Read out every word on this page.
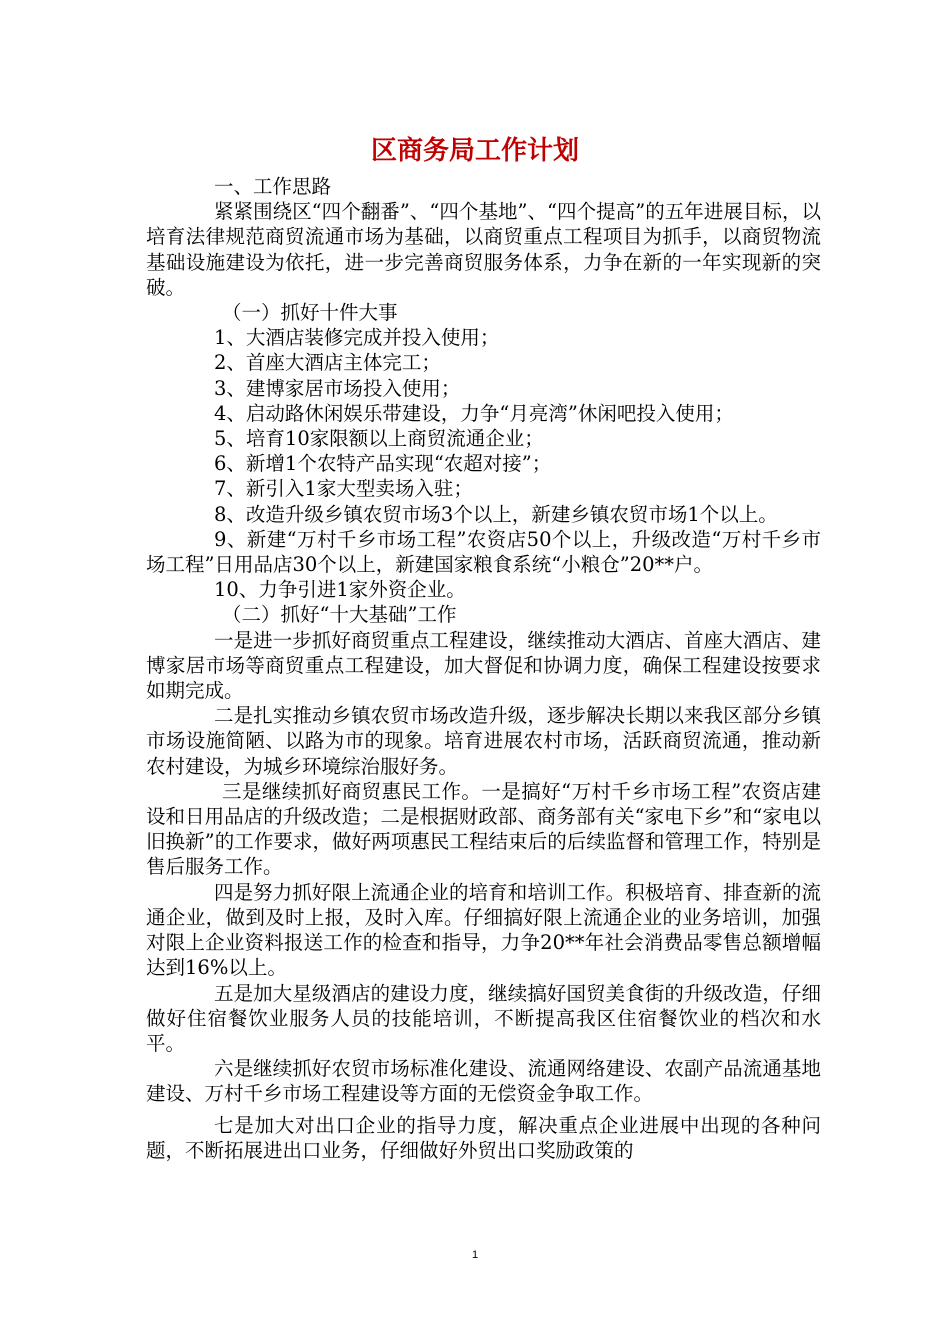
区商务局工作计划

一、工作思路

紧紧围绕区“四个翻番”、“四个基地”、“四个提高”的五年进展目标，以培育法律规范商贸流通市场为基础，以商贸重点工程项目为抓手，以商贸物流基础设施建设为依托，进一步完善商贸服务体系，力争在新的一年实现新的突破。

（一）抓好十件大事

1、大酒店装修完成并投入使用；

2、首座大酒店主体完工；

3、建博家居市场投入使用；

4、启动路休闲娱乐带建设，力争“月亮湾”休闲吧投入使用；

5、培育10家限额以上商贸流通企业；

6、新增1个农特产品实现“农超对接”；

7、新引入1家大型卖场入驻；

8、改造升级乡镇农贸市场3个以上，新建乡镇农贸市场1个以上。

9、新建“万村千乡市场工程”农资店50个以上，升级改造“万村千乡市场工程”日用品店30个以上，新建国家粮食系统“小粮仓”20**户。

10、力争引进1家外资企业。

（二）抓好“十大基础”工作

一是进一步抓好商贸重点工程建设，继续推动大酒店、首座大酒店、建博家居市场等商贸重点工程建设，加大督促和协调力度，确保工程建设按要求如期完成。

二是扎实推动乡镇农贸市场改造升级，逐步解决长期以来我区部分乡镇市场设施简陋、以路为市的现象。培育进展农村市场，活跃商贸流通，推动新农村建设，为城乡环境综治服好务。

三是继续抓好商贸惠民工作。一是搞好“万村千乡市场工程”农资店建设和日用品店的升级改造；二是根据财政部、商务部有关“家电下乡”和“家电以旧换新”的工作要求，做好两项惠民工程结束后的后续监督和管理工作，特别是售后服务工作。

四是努力抓好限上流通企业的培育和培训工作。积极培育、排查新的流通企业，做到及时上报，及时入库。仔细搞好限上流通企业的业务培训，加强对限上企业资料报送工作的检查和指导，力争20**年社会消费品零售总额增幅达到16%以上。

五是加大星级酒店的建设力度，继续搞好国贸美食街的升级改造，仔细做好住宿餐饮业服务人员的技能培训，不断提高我区住宿餐饮业的档次和水平。

六是继续抓好农贸市场标准化建设、流通网络建设、农副产品流通基地建设、万村千乡市场工程建设等方面的无偿资金争取工作。

七是加大对出口企业的指导力度，解决重点企业进展中出现的各种问题，不断拓展进出口业务，仔细做好外贸出口奖励政策的

1
